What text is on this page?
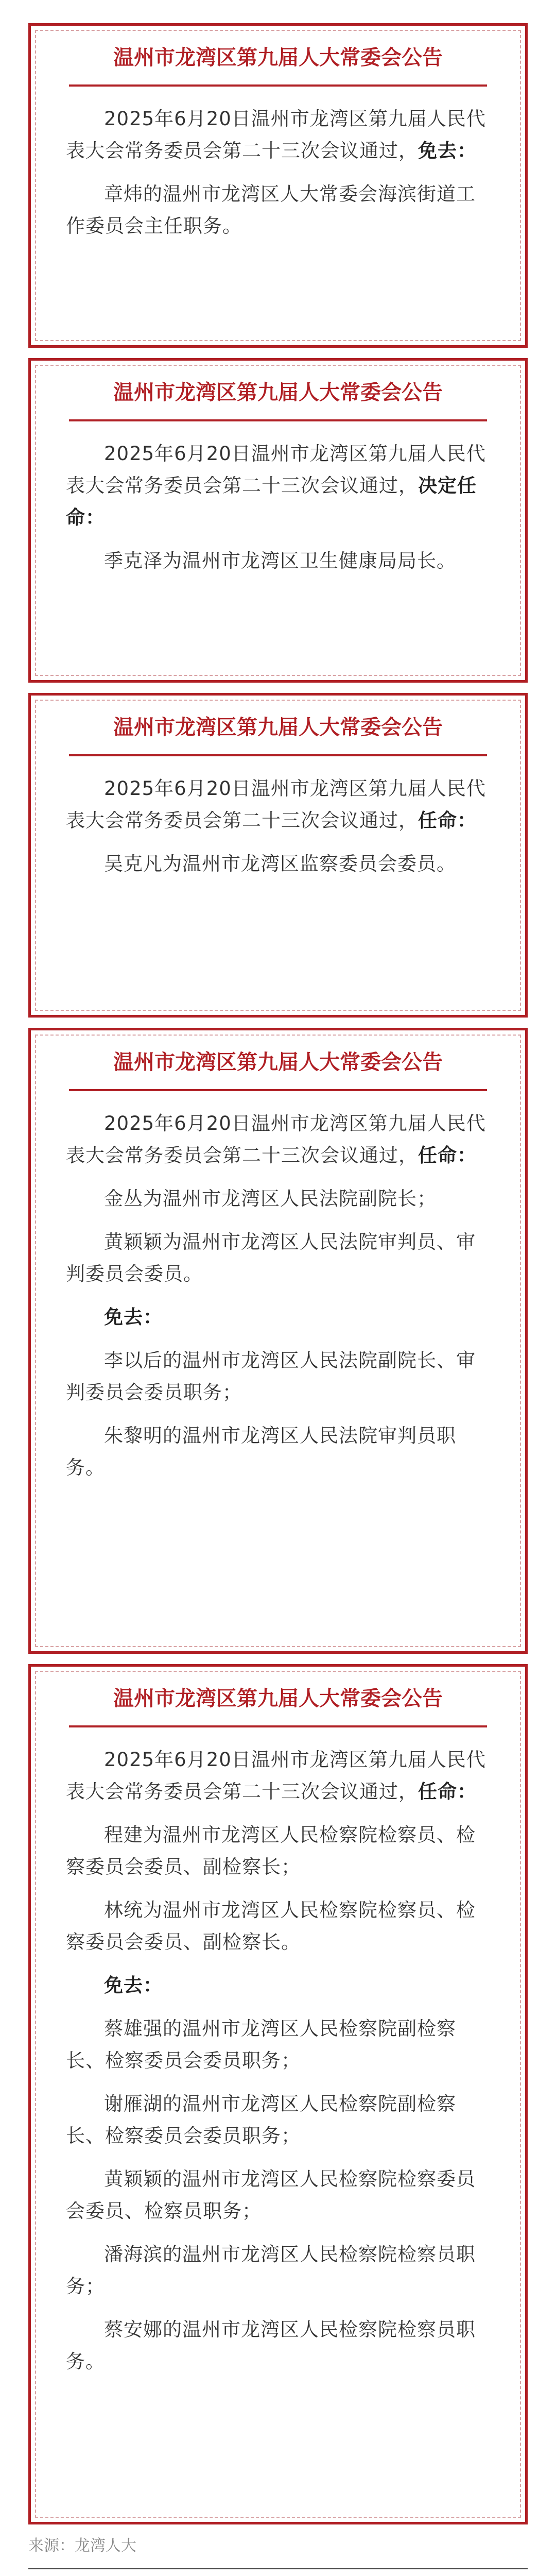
温州市龙湾区第九届人大常委会公告

2025年6月20日温州市龙湾区第九届人民代表大会常务委员会第二十三次会议通过，免去：

章炜的温州市龙湾区人大常委会海滨街道工作委员会主任职务。

温州市龙湾区第九届人大常委会公告

2025年6月20日温州市龙湾区第九届人民代表大会常务委员会第二十三次会议通过，决定任命：

季克泽为温州市龙湾区卫生健康局局长。

温州市龙湾区第九届人大常委会公告

2025年6月20日温州市龙湾区第九届人民代表大会常务委员会第二十三次会议通过，任命：

吴克凡为温州市龙湾区监察委员会委员。

温州市龙湾区第九届人大常委会公告

2025年6月20日温州市龙湾区第九届人民代表大会常务委员会第二十三次会议通过，任命：

金丛为温州市龙湾区人民法院副院长；

黄颖颖为温州市龙湾区人民法院审判员、审判委员会委员。

免去：

李以后的温州市龙湾区人民法院副院长、审判委员会委员职务；

朱黎明的温州市龙湾区人民法院审判员职务。

温州市龙湾区第九届人大常委会公告

2025年6月20日温州市龙湾区第九届人民代表大会常务委员会第二十三次会议通过，任命：

程建为温州市龙湾区人民检察院检察员、检察委员会委员、副检察长；

林统为温州市龙湾区人民检察院检察员、检察委员会委员、副检察长。

免去：

蔡雄强的温州市龙湾区人民检察院副检察长、检察委员会委员职务；

谢雁湖的温州市龙湾区人民检察院副检察长、检察委员会委员职务；

黄颖颖的温州市龙湾区人民检察院检察委员会委员、检察员职务；

潘海滨的温州市龙湾区人民检察院检察员职务；

蔡安娜的温州市龙湾区人民检察院检察员职务。

来源：龙湾人大
